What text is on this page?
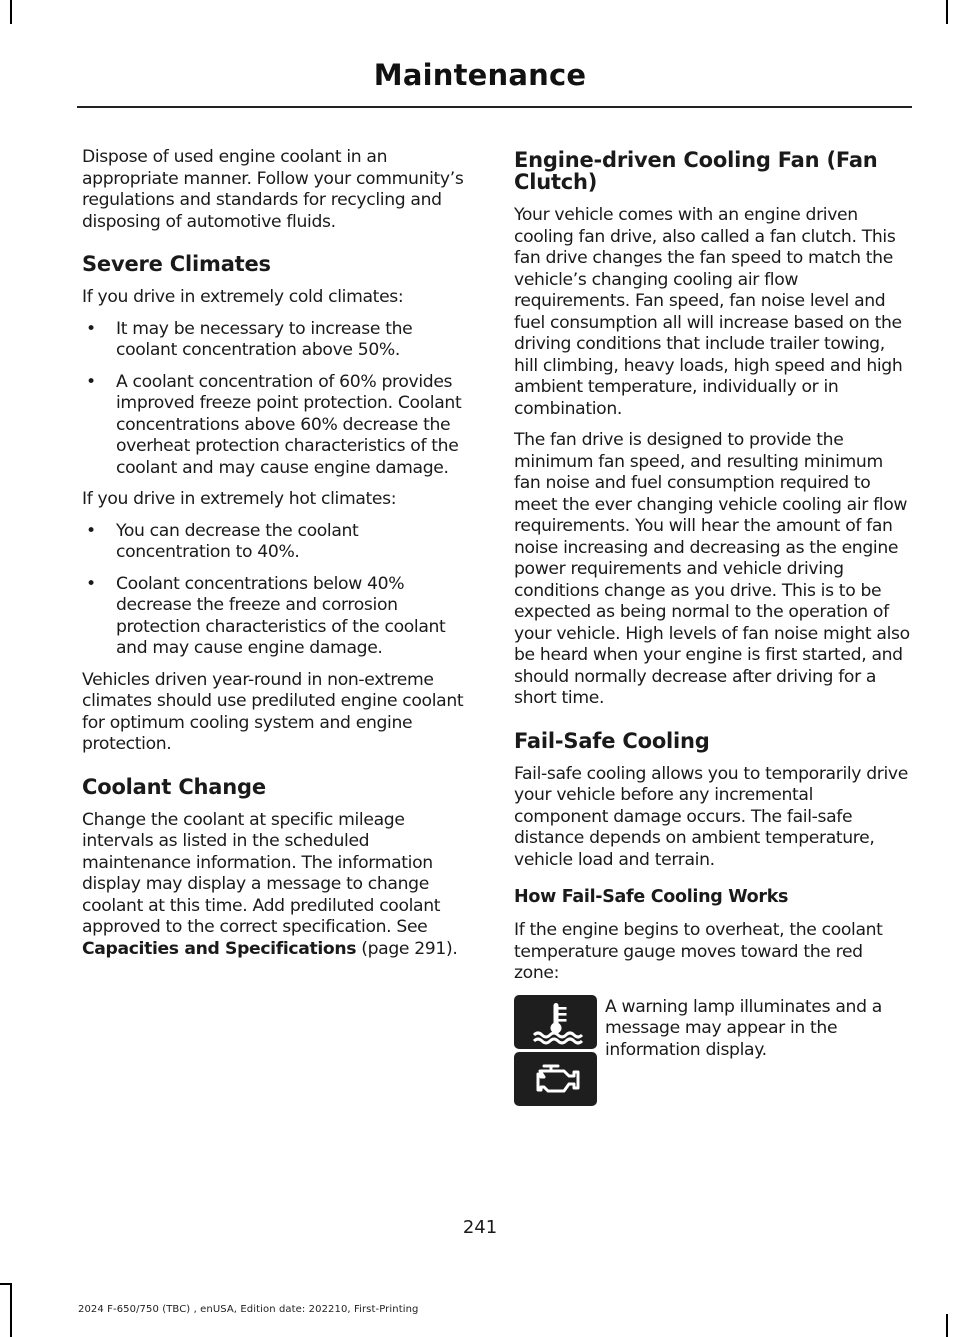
Maintenance

Dispose of used engine coolant in an appropriate manner. Follow your community’s regulations and standards for recycling and disposing of automotive fluids.

Severe Climates

If you drive in extremely cold climates:

• It may be necessary to increase the coolant concentration above 50%.
• A coolant concentration of 60% provides improved freeze point protection. Coolant concentrations above 60% decrease the overheat protection characteristics of the coolant and may cause engine damage.

If you drive in extremely hot climates:

• You can decrease the coolant concentration to 40%.
• Coolant concentrations below 40% decrease the freeze and corrosion protection characteristics of the coolant and may cause engine damage.

Vehicles driven year-round in non-extreme climates should use prediluted engine coolant for optimum cooling system and engine protection.

Coolant Change

Change the coolant at specific mileage intervals as listed in the scheduled maintenance information. The information display may display a message to change coolant at this time. Add prediluted coolant approved to the correct specification. See Capacities and Specifications (page 291).

Engine-driven Cooling Fan (Fan Clutch)

Your vehicle comes with an engine driven cooling fan drive, also called a fan clutch. This fan drive changes the fan speed to match the vehicle’s changing cooling air flow requirements. Fan speed, fan noise level and fuel consumption all will increase based on the driving conditions that include trailer towing, hill climbing, heavy loads, high speed and high ambient temperature, individually or in combination.

The fan drive is designed to provide the minimum fan speed, and resulting minimum fan noise and fuel consumption required to meet the ever changing vehicle cooling air flow requirements. You will hear the amount of fan noise increasing and decreasing as the engine power requirements and vehicle driving conditions change as you drive. This is to be expected as being normal to the operation of your vehicle. High levels of fan noise might also be heard when your engine is first started, and should normally decrease after driving for a short time.

Fail-Safe Cooling

Fail-safe cooling allows you to temporarily drive your vehicle before any incremental component damage occurs. The fail-safe distance depends on ambient temperature, vehicle load and terrain.

How Fail-Safe Cooling Works

If the engine begins to overheat, the coolant temperature gauge moves toward the red zone:

A warning lamp illuminates and a message may appear in the information display.

241
2024 F-650/750 (TBC) , enUSA, Edition date: 202210, First-Printing
